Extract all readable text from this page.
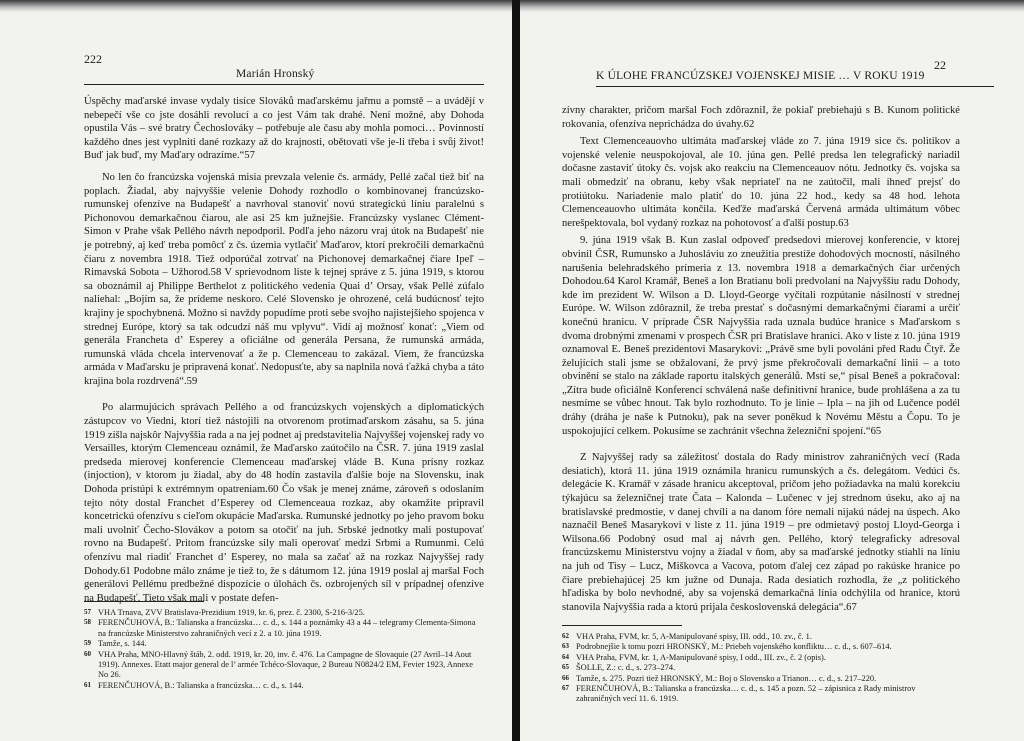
222
Marián Hronský

Úspěchy maďarské invase vydaly tisíce Slováků maďarskému jařmu a pomstě – a uvádějí v nebepečí vše co jste dosáhli revolucí a co jest Vám tak drahé. Není možné, aby Dohoda opustila Vás – své bratry Čechoslováky – potřebuje ale času aby mohla pomoci… Povinností každého dnes jest vyplniti dané rozkazy až do krajnosti, obětovati vše je-li třeba i svůj život! Buď jak buď, my Maďary odrazíme.“57

No len čo francúzska vojenská misia prevzala velenie čs. armády, Pellé začal tiež biť na poplach. Žiadal, aby najvyššie velenie Dohody rozhodlo o kombinovanej francúzsko-rumunskej ofenzíve na Budapešť a navrhoval stanoviť novú strategickú líniu paralelnú s Pichonovou demarkačnou čiarou, ale asi 25 km južnejšie. Francúzsky vyslanec Clément-Simon v Prahe však Pelléhо návrh nepodporil. Podľa jeho názoru vraj útok na Budapešť nie je potrebný, aj keď treba pomôcť z čs. územia vytlačiť Maďarov, ktorí prekročili demarkačnú čiaru z novembra 1918. Tiež odporúčal zotrvať na Pichonovej demarkačnej čiare Ipeľ – Rimavská Sobota – Užhorod.58 V sprievodnom liste k tejnej správe z 5. júna 1919, s ktorou sa oboznámil aj Philippe Berthelot z politického vedenia Quai d’ Orsay, však Pellé zúfalo naliehal: „Bojím sa, že prídeme neskoro. Celé Slovensko je ohrozené, celá budúcnosť tejto krajiny je spochybnená. Možno si navždy popudíme proti sebe svojho najistejšieho spojenca v strednej Európe, ktorý sa tak odcudzí náš mu vplyvu“. Vidí aj možnosť konať: „Viem od generála Francheta d’ Esperey a oficiálne od generála Persana, že rumunská armáda, rumunská vláda chcela intervenovať a že p. Clemenceau to zakázal. Viem, že francúzska armáda v Maďarsku je pripravená konať. Nedopusťte, aby sa naplnila nová ťažká chyba a táto krajina bola rozdrvená“.59

Po alarmujúcich správach Pelléhо a od francúzskych vojenských a diplomatických zástupcov vo Viedni, ktorí tiež nástojili na otvorenom protimaďarskom zásahu, sa 5. júna 1919 zišla najskôr Najvyššia rada a na jej podnet aj predstavitelia Najvyššej vojenskej rady vo Versailles, ktorým Clemenceau oznámil, že Maďarsko zaútočilo na ČSR. 7. júna 1919 zaslal predseda mierovej konferencie Clemenceau maďarskej vláde B. Kuna prísny rozkaz (injoction), v ktorom ju žiadal, aby do 48 hodín zastavila ďalšie boje na Slovensku, inak Dohoda pristúpi k extrémnym opatreniam.60 Čo však je menej známe, zároveň s odoslaním tejto nóty dostal Franchet d’Esperey od Clemenceaua rozkaz, aby okamžite pripravil koncetrickú ofenzívu s cieľom okupácie Maďarska. Rumunské jednotky po jeho pravom boku mali uvolniť Čecho-Slovákov a potom sa otočiť na juh. Srbské jednotky mali postupovať rovno na Budapešť. Pritom francúzske sily mali operovať medzi Srbmi a Rumunmi. Celú ofenzívu mal riadiť Franchet d’ Esperey, no mala sa začať až na rozkaz Najvyššej rady Dohody.61 Podobne málo známe je tiež to, že s dátumom 12. júna 1919 poslal aj maršal Foch generálovi Pellému predbežné dispozície o úlohách čs. ozbrojených síl v prípadnej ofenzíve na Budapešť. Tieto však mali v postate defen-

57 VHA Trnava, ZVV Bratislava-Prezidium 1919, kr. 6, prez. č. 2300, S-216-3/25.
58 FERENČUHOVÁ, B.: Talianska a francúzska… c. d., s. 144 a poznámky 43 a 44 – telegramy Clementa-Simona na francúzske Ministerstvo zahraničných vecí z 2. a 10. júna 1919.
59 Tamže, s. 144.
60 VHA Praha, MNO-Hlavný štáb, 2. odd. 1919, kr. 20, inv. č. 476. La Campagne de Slovaquie (27 Avril–14 Aout 1919). Annexes. Etatt major general de l’ armée Tchéco-Slovaque, 2 Bureau N0824/2 EM, Fevier 1923, Annexe No 26.
61 FERENČUHOVÁ, B.: Talianska a francúzska… c. d., s. 144.
22
K ÚLOHE FRANCÚZSKEJ VOJENSKEJ MISIE … V ROKU 1919

zívny charakter, pričom maršal Foch zdôrazniI, že pokiaľ prebiehajú s B. Kunom politické rokovania, ofenzíva neprichádza do úvahy.62

Text Clemenceauovho ultimáta maďarskej vláde zo 7. júna 1919 sice čs. politikov a vojenské velenie neuspokojoval, ale 10. júna gen. Pellé predsa len telegrafický nariadil dočasne zastaviť útoky čs. vojsk ako reakciu na Clemenceauov nótu. Jednotky čs. vojska sa mali obmedziť na obranu, keby však nepriateľ na ne zaútočil, mali ihneď prejsť do protiútoku. Nariadenie malo platiť do 10. júna 22 hod., kedy sa 48 hod. lehota Clemenceauovho ultimáta končila. Keďže maďarská Červená armáda ultimátum vôbec nerešpektovala, bol vydaný rozkaz na pohotovosť a ďalší postup.63

9. júna 1919 však B. Kun zaslal odpoveď predsedovi mierovej konferencie, v ktorej obvinil ČSR, Rumunsko a Juhosláviu zo zneužitia prestíže dohodových mocností, násilného narušenia belehradského prímeria z 13. novembra 1918 a demarkačných čiar určených Dohodou.64 Karol Kramář, Beneš a Ion Bratianu boli predvolaní na Najvyššiu radu Dohody, kde im prezident W. Wilson a D. Lloyd-George vyčítali rozpútanie násilností v strednej Európe. W. Wilson zdôraznil, že treba prestať s dočasnými demarkačnými čiarami a určiť konečnú hranicu. V príprade ČSR Najvyššia rada uznala budúce hranice s Maďarskom s dvoma drobnými zmenami v prospech ČSR pri Bratislave hranici. Ako v liste z 10. júna 1919 oznamoval E. Beneš prezidentovi Masarykovi: „Právě sme byli povoláni před Radu Čtyř. Že želujících stali jsme se obžalovaní, že prvý jsme překročovali demarkační linii – a toto obvinění se stalo na základe raportu italských generálů. Mstí se,“ písal Beneš a pokračoval: „Zítra bude oficiálně Konferencí schválená naše definitivní hranice, bude prohlášena a za tu nesmíme se vůbec hnout. Tak bylo rozhodnuto. To je linie – Ipla – na jih od Lučence podél dráhy (dráha je naše k Putnoku), pak na sever poněkud k Novému Městu a Čopu. To je uspokojující celkem. Pokusíme se zachránit všechna železniční spojení.“65

Z Najvyššej rady sa záležitosť dostala do Rady ministrov zahraničných vecí (Rada desiatich), ktorá 11. júna 1919 oznámila hranicu rumunských a čs. delegátom. Vedúci čs. delegácie K. Kramář v zásade hranicu akceptoval, pričom jeho požiadavka na malú korekciu týkajúcu sa železničnej trate Čata – Kalonda – Lučenec v jej strednom úseku, ako aj na bratislavské predmostie, v danej chvíli a na danom fóre nemali nijakú nádej na úspech. Ako naznačil Beneš Masarykovi v liste z 11. júna 1919 – pre odmietavý postoj Lloyd-Georga i Wilsona.66 Podobný osud mal aj návrh gen. Pelléhо, ktorý telegraficky adresoval francúzskemu Ministerstvu vojny a žiadal v ňom, aby sa maďarské jednotky stiahli na líniu na juh od Tisy – Lucz, Miškovca a Vacova, potom ďalej cez západ po rakúske hranice po čiare prebiehajúcej 25 km južne od Dunaja. Rada desiatich rozhodla, že „z politického hľadiska by bolo nevhodné, aby sa vojenská demarkačná línia odchýlila od hranice, ktorú stanovila Najvyššia rada a ktorú prijala československá delegácia“.67

62 VHA Praha, FVM, kr. 5, A-Manipulované spisy, III. odd., 10. zv., č. 1.
63 Podrobnejšie k tomu pozri HRONSKÝ, M.: Priebeh vojenského konfliktu… c. d., s. 607–614.
64 VHA Praha, FVM, kr. 1, A-Manipulované spisy, I odd., III. zv., č. 2 (opis).
65 ŠOLLE, Z.: c. d., s. 273–274.
66 Tamže, s. 275. Pozri tiež HRONSKÝ, M.: Boj o Slovensko a Trianon… c. d., s. 217–220.
67 FERENČUHOVÁ, B.: Talianska a francúzska… c. d., s. 145 a pozn. 52 – zápisnica z Rady ministrov zahraničných vecí 11. 6. 1919.
